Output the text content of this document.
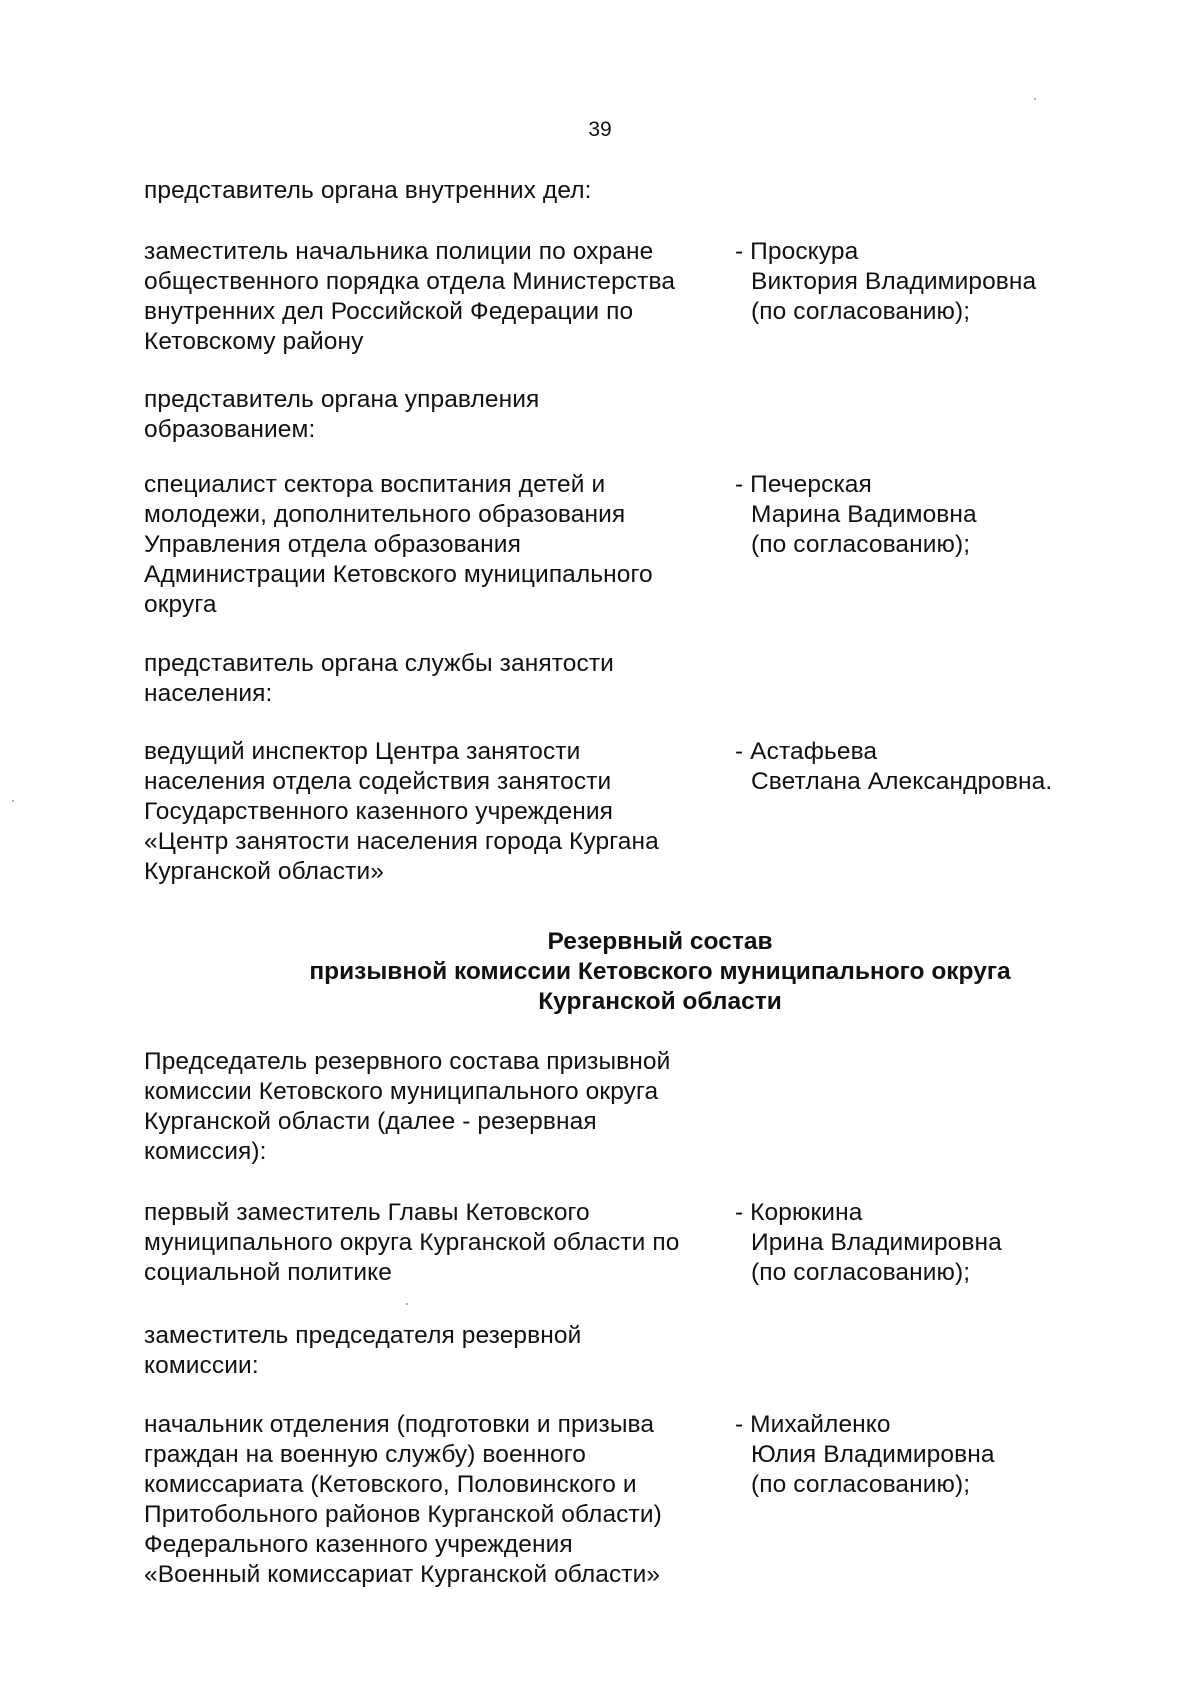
39
представитель органа внутренних дел:
заместитель начальника полиции по охране
общественного порядка отдела Министерства
внутренних дел Российской Федерации по
Кетовскому району
- Проскура
Виктория Владимировна
(по согласованию);
представитель органа управления
образованием:
специалист сектора воспитания детей и
молодежи, дополнительного образования
Управления отдела образования
Администрации Кетовского муниципального
округа
- Печерская
Марина Вадимовна
(по согласованию);
представитель органа службы занятости
населения:
ведущий инспектор Центра занятости
населения отдела содействия занятости
Государственного казенного учреждения
«Центр занятости населения города Кургана
Курганской области»
- Астафьева
Светлана Александровна.
Резервный состав
призывной комиссии Кетовского муниципального округа
Курганской области
Председатель резервного состава призывной
комиссии Кетовского муниципального округа
Курганской области (далее - резервная
комиссия):
первый заместитель Главы Кетовского
муниципального округа Курганской области по
социальной политике
- Корюкина
Ирина Владимировна
(по согласованию);
заместитель председателя резервной
комиссии:
начальник отделения (подготовки и призыва
граждан на военную службу) военного
комиссариата (Кетовского, Половинского и
Притобольного районов Курганской области)
Федерального казенного учреждения
«Военный комиссариат Курганской области»
- Михайленко
Юлия Владимировна
(по согласованию);
